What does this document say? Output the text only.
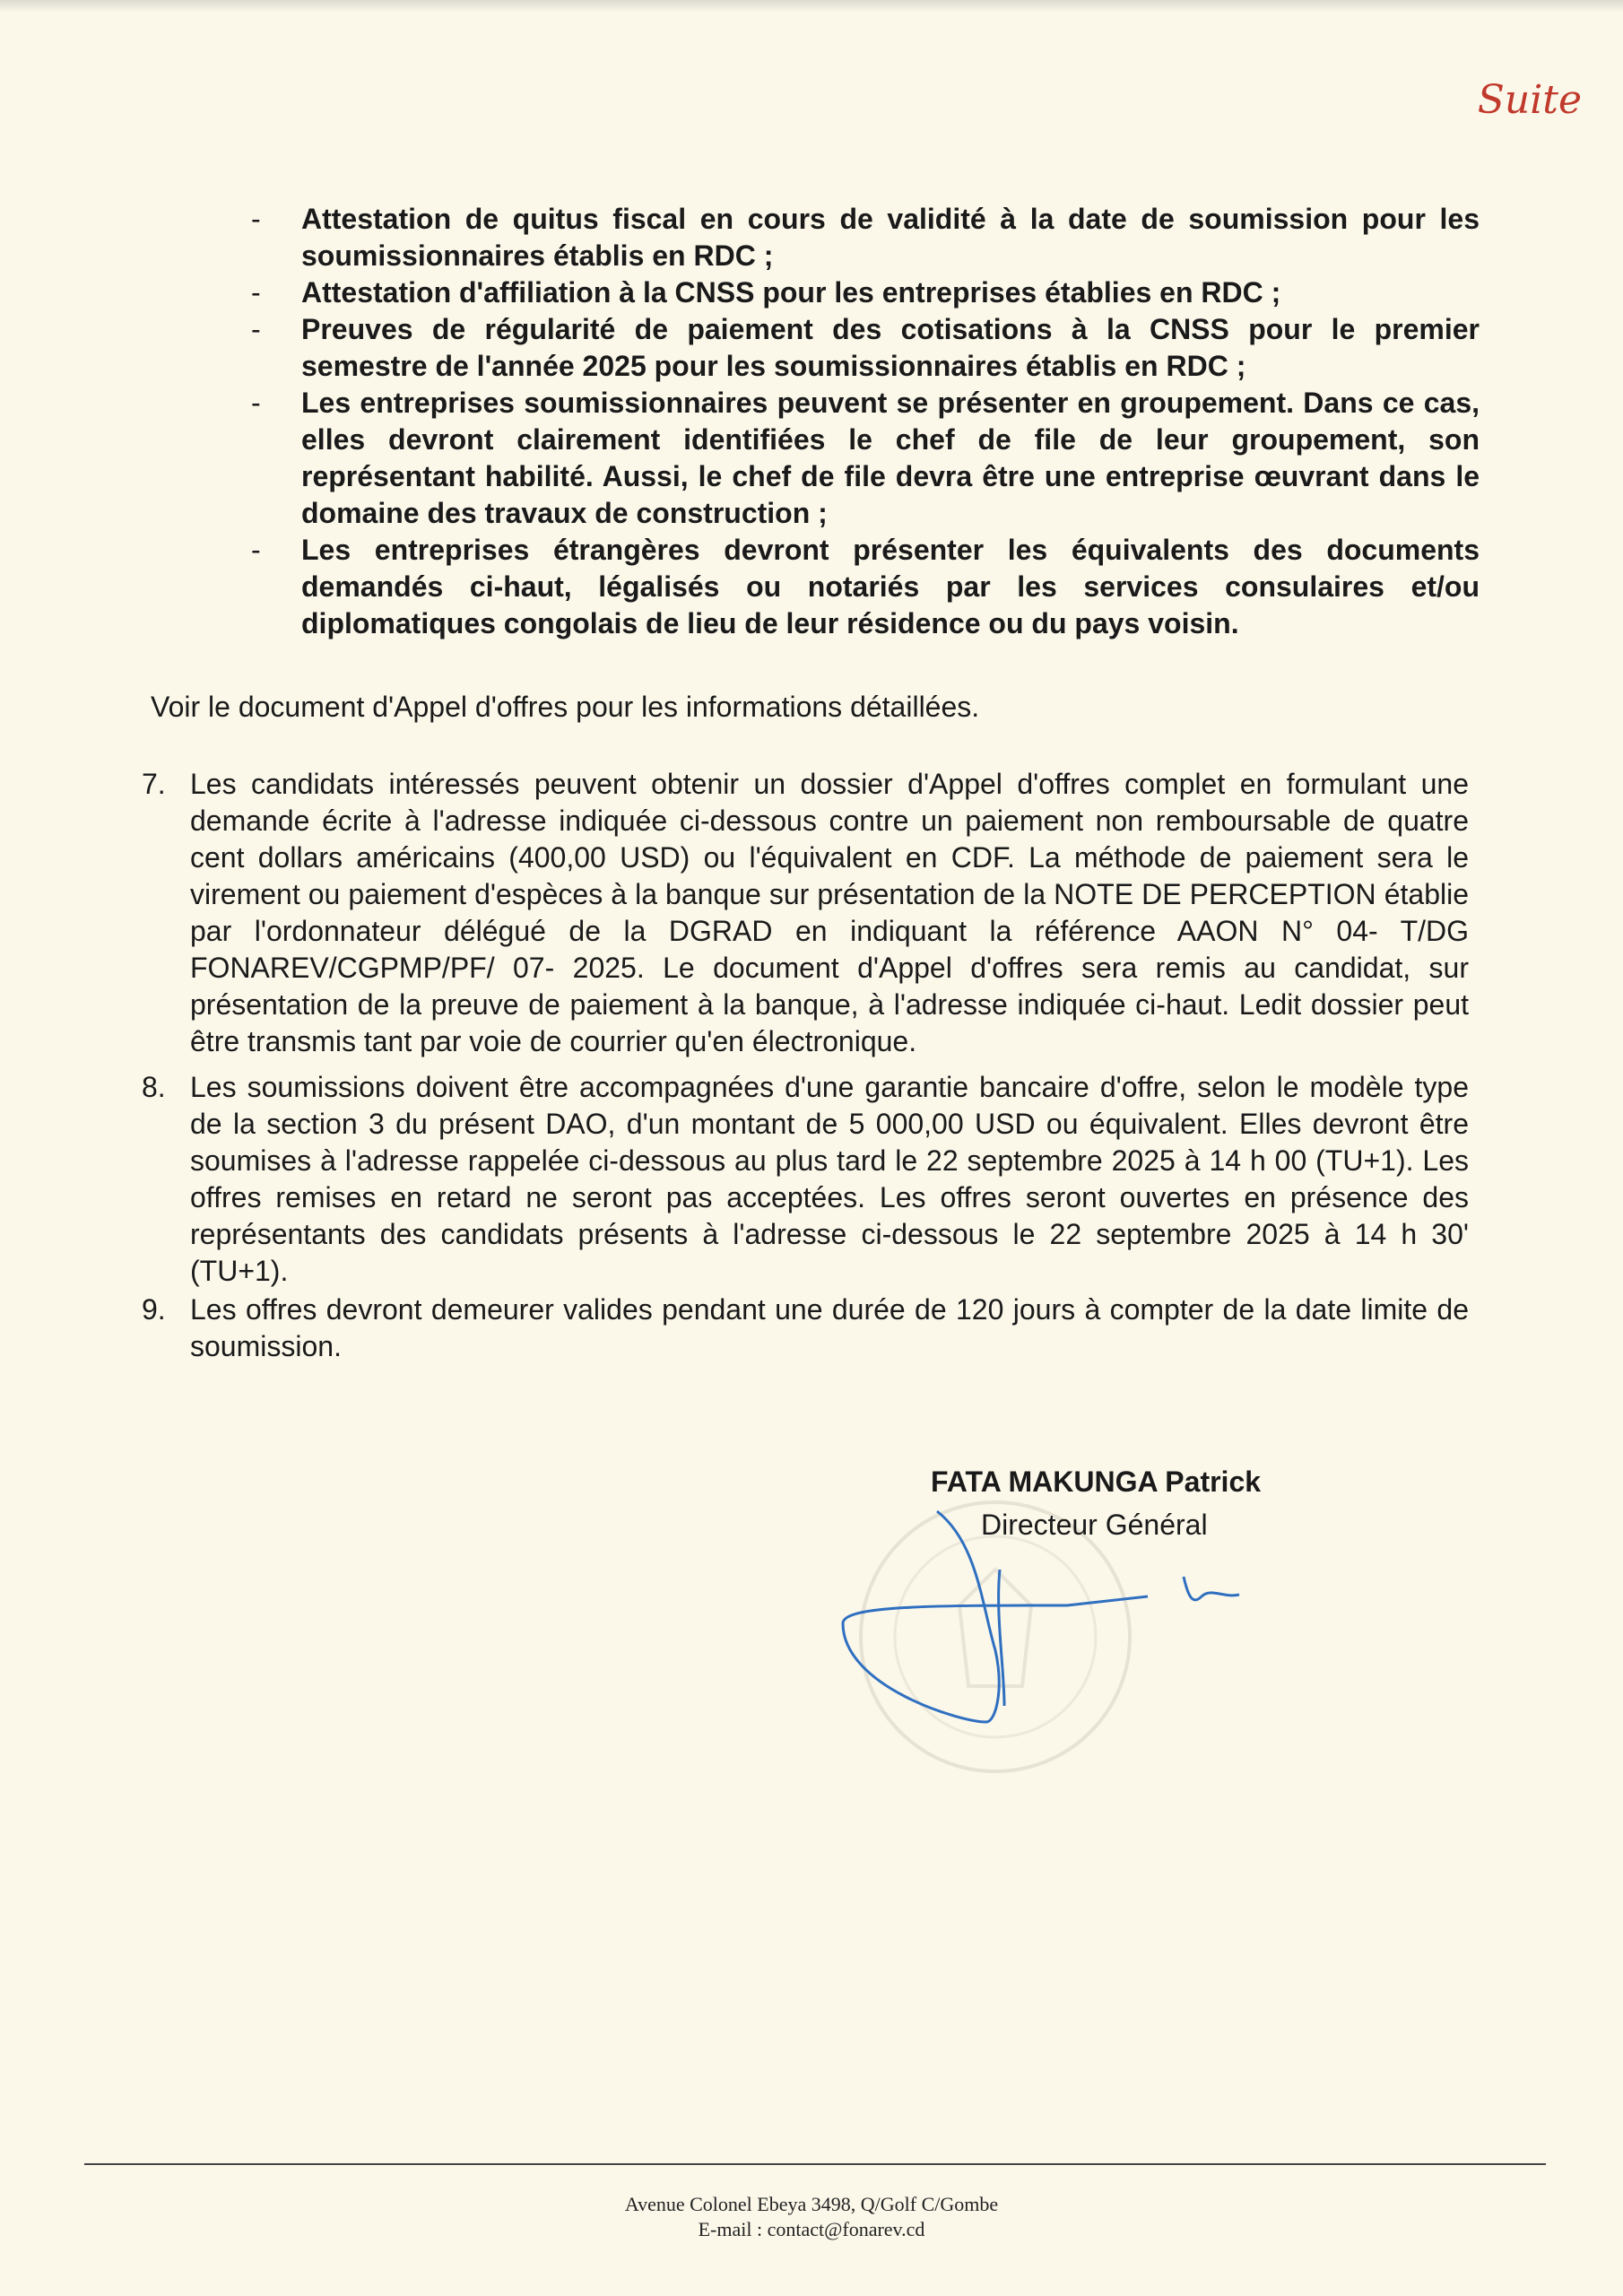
Suite
- Attestation de quitus fiscal en cours de validité à la date de soumission pour les soumissionnaires établis en RDC ;
- Attestation d'affiliation à la CNSS pour les entreprises établies en RDC ;
- Preuves de régularité de paiement des cotisations à la CNSS pour le premier semestre de l'année 2025 pour les soumissionnaires établis en RDC ;
- Les entreprises soumissionnaires peuvent se présenter en groupement. Dans ce cas, elles devront clairement identifiées le chef de file de leur groupement, son représentant habilité. Aussi, le chef de file devra être une entreprise œuvrant dans le domaine des travaux de construction ;
- Les entreprises étrangères devront présenter les équivalents des documents demandés ci-haut, légalisés ou notariés par les services consulaires et/ou diplomatiques congolais de lieu de leur résidence ou du pays voisin.
Voir le document d'Appel d'offres pour les informations détaillées.
7. Les candidats intéressés peuvent obtenir un dossier d'Appel d'offres complet en formulant une demande écrite à l'adresse indiquée ci-dessous contre un paiement non remboursable de quatre cent dollars américains (400,00 USD) ou l'équivalent en CDF. La méthode de paiement sera le virement ou paiement d'espèces à la banque sur présentation de la NOTE DE PERCEPTION établie par l'ordonnateur délégué de la DGRAD en indiquant la référence AAON N° 04- T/DG FONAREV/CGPMP/PF/ 07- 2025. Le document d'Appel d'offres sera remis au candidat, sur présentation de la preuve de paiement à la banque, à l'adresse indiquée ci-haut. Ledit dossier peut être transmis tant par voie de courrier qu'en électronique.
8. Les soumissions doivent être accompagnées d'une garantie bancaire d'offre, selon le modèle type de la section 3 du présent DAO, d'un montant de 5 000,00 USD ou équivalent. Elles devront être soumises à l'adresse rappelée ci-dessous au plus tard le 22 septembre 2025 à 14 h 00 (TU+1). Les offres remises en retard ne seront pas acceptées. Les offres seront ouvertes en présence des représentants des candidats présents à l'adresse ci-dessous le 22 septembre 2025 à 14 h 30' (TU+1).
9. Les offres devront demeurer valides pendant une durée de 120 jours à compter de la date limite de soumission.
FATA MAKUNGA Patrick
Directeur Général
Avenue Colonel Ebeya 3498, Q/Golf C/Gombe
E-mail : contact@fonarev.cd
